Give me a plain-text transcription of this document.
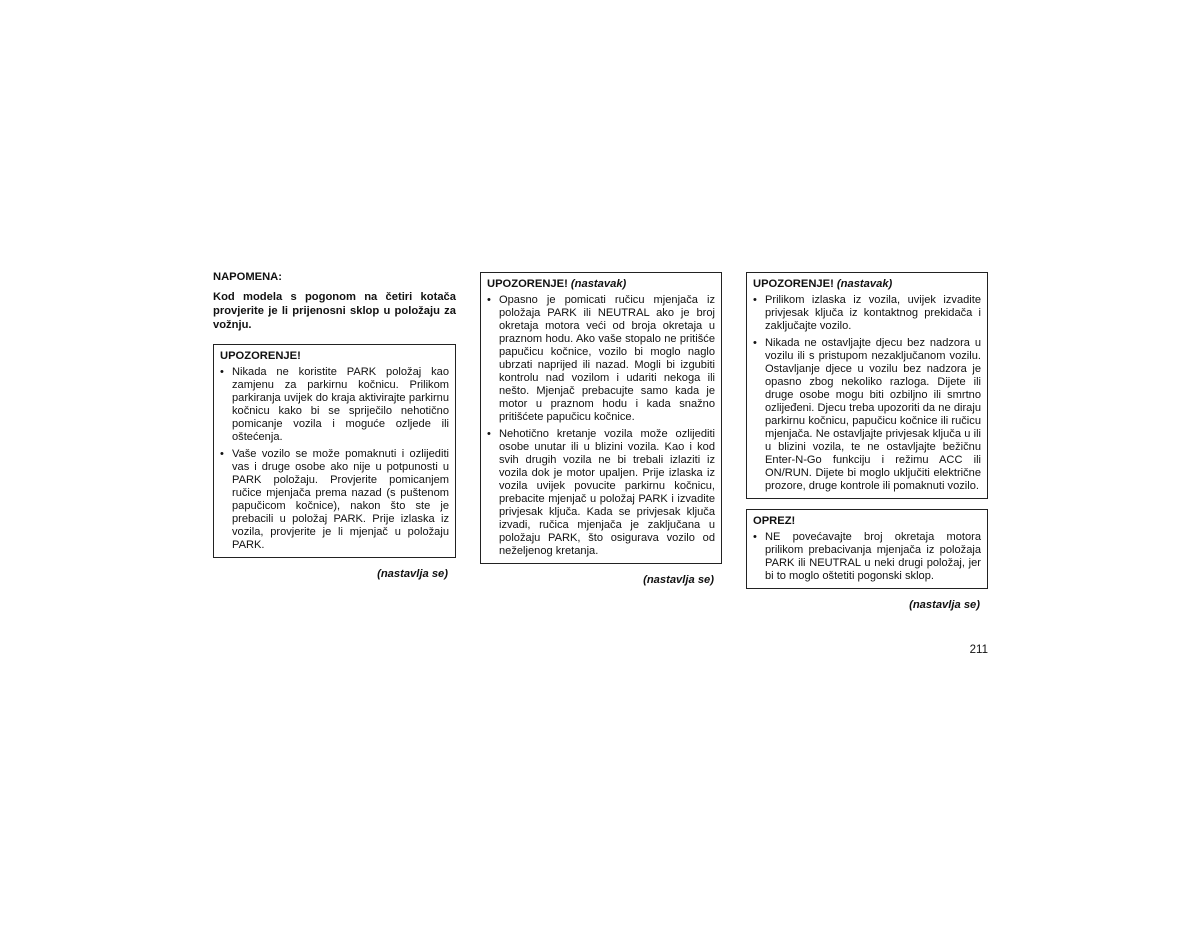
NAPOMENA:

Kod modela s pogonom na četiri kotača provjerite je li prijenosni sklop u položaju za vožnju.

UPOZORENJE!

• Nikada ne koristite PARK položaj kao zamjenu za parkirnu kočnicu. Prilikom parkiranja uvijek do kraja aktivirajte parkirnu kočnicu kako bi se spriječilo nehotično pomicanje vozila i moguće ozljede ili oštećenja.
• Vaše vozilo se može pomaknuti i ozlijediti vas i druge osobe ako nije u potpunosti u PARK položaju. Provjerite pomicanjem ručice mjenjača prema nazad (s puštenom papučicom kočnice), nakon što ste je prebacili u položaj PARK. Prije izlaska iz vozila, provjerite je li mjenjač u položaju PARK.
(nastavlja se)

UPOZORENJE! (nastavak)

• Opasno je pomicati ručicu mjenjača iz položaja PARK ili NEUTRAL ako je broj okretaja motora veći od broja okretaja u praznom hodu. Ako vaše stopalo ne pritišće papučicu kočnice, vozilo bi moglo naglo ubrzati naprijed ili nazad. Mogli bi izgubiti kontrolu nad vozilom i udariti nekoga ili nešto. Mjenjač prebacujte samo kada je motor u praznom hodu i kada snažno pritišćete papučicu kočnice.
• Nehotično kretanje vozila može ozlijediti osobe unutar ili u blizini vozila. Kao i kod svih drugih vozila ne bi trebali izlaziti iz vozila dok je motor upaljen. Prije izlaska iz vozila uvijek povucite parkirnu kočnicu, prebacite mjenjač u položaj PARK i izvadite privjesak ključa. Kada se privjesak ključa izvadi, ručica mjenjača je zaključana u položaju PARK, što osigurava vozilo od neželjenog kretanja.
(nastavlja se)

UPOZORENJE! (nastavak)

• Prilikom izlaska iz vozila, uvijek izvadite privjesak ključa iz kontaktnog prekidača i zaključajte vozilo.
• Nikada ne ostavljajte djecu bez nadzora u vozilu ili s pristupom nezaključanom vozilu. Ostavljanje djece u vozilu bez nadzora je opasno zbog nekoliko razloga. Dijete ili druge osobe mogu biti ozbiljno ili smrtno ozlijeđeni. Djecu treba upozoriti da ne diraju parkirnu kočnicu, papučicu kočnice ili ručicu mjenjača. Ne ostavljajte privjesak ključa u ili u blizini vozila, te ne ostavljajte bežičnu Enter-N-Go funkciju i režimu ACC ili ON/RUN. Dijete bi moglo uključiti električne prozore, druge kontrole ili pomaknuti vozilo.

OPREZ!

• NE povećavajte broj okretaja motora prilikom prebacivanja mjenjača iz položaja PARK ili NEUTRAL u neki drugi položaj, jer bi to moglo oštetiti pogonski sklop.
(nastavlja se)
211
